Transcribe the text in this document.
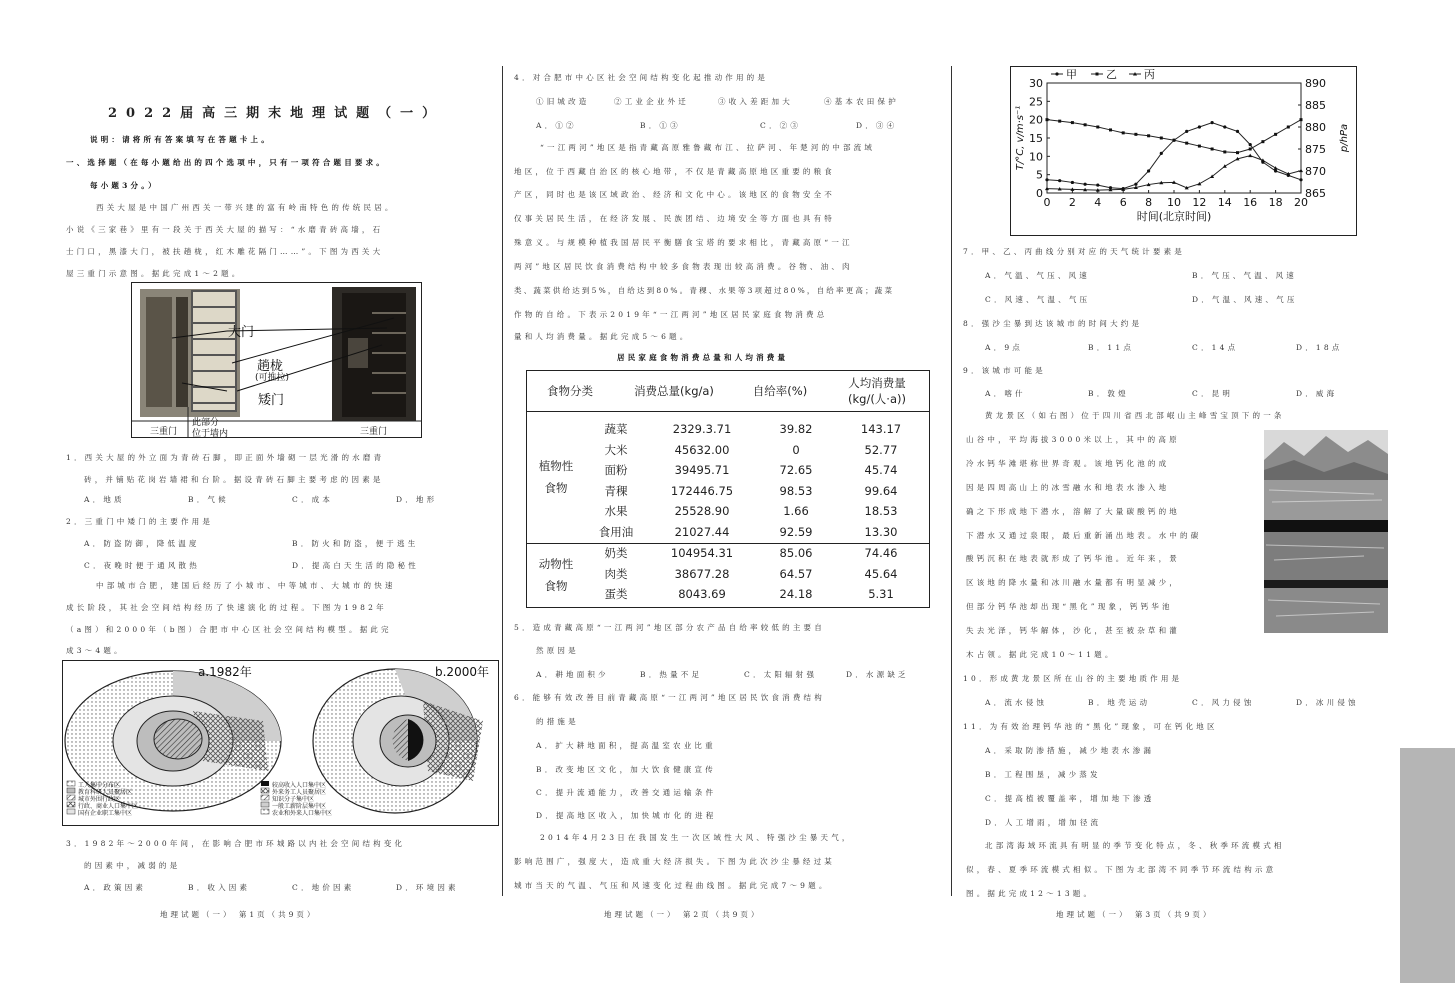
2022届高三期末地理试题（一）
说明：请将所有答案填写在答题卡上。
一、选择题（在每小题给出的四个选项中，只有一项符合题目要求。
每小题3分。）
西关大屋是中国广州西关一带兴建的富有岭南特色的传统民居。
小说《三家巷》里有一段关于西关大屋的描写：“水磨青砖高墙，石
士门口，黑漆大门，被扶趟栊，红木雕花隔门……”。下图为西关大
屋三重门示意图。据此完成1～2题。
大门
趟栊
(可推拉)
矮门
三重门
此部分
位于墙内	三重门
1．西关大屋的外立面为青砖石脚，即正面外墙砌一层光滑的水磨青
砖，并铺贴花岗岩墙裙和台阶。据设青砖石脚主要考虑的因素是
A．地质	B．气候	C．成本	D．地形
2．三重门中矮门的主要作用是
A．防盗防御，降低温度	B．防火和防盗，便于逃生
C．夜晚时便于通风散热	D．提高白天生活的隐秘性
中部城市合肥，建国后经历了小城市、中等城市、大城市的快速
成长阶段，其社会空间结构经历了快速演化的过程。下图为1982年
（a图）和2000年（b图）合肥市中心区社会空间结构模型。据此完
成3～4题。
a.1982年	b.2000年
工人集中分布区
教育科研人员聚居区
城市外围行政区
行政、商业人口集中区
国有企业职工集中区
较高收入人口集中区
外来务工人员聚居区
知识分子集中区
一般工薪阶层集中区
农业和外来人口集中区
3．1982年～2000年间，在影响合肥市环城路以内社会空间结构变化
的因素中，减弱的是
A．政策因素	B．收入因素	C．地价因素	D．环境因素
地理试题（一） 第1页（共9页）
4．对合肥市中心区社会空间结构变化起推动作用的是
①旧城改造	②工业企业外迁	③收入差距加大	④基本农田保护
A．①②	B．①③	C．②③	D．③④
“一江两河”地区是指青藏高原雅鲁藏布江、拉萨河、年楚河的中部流域
地区，位于西藏自治区的核心地带，不仅是青藏高原地区重要的粮食
产区，同时也是该区域政治、经济和文化中心。该地区的食物安全不
仅事关居民生活，在经济发展、民族团结、边境安全等方面也具有特
殊意义。与规模种植我国居民平衡膳食宝塔的要求相比，青藏高原“一江
两河”地区居民饮食消费结构中较多食物表现出较高消费。谷物、油、肉
类、蔬菜供给达到5%，自给达到80%。青稞、水果等3项超过80%，自给率更高；蔬菜
作物的自给。下表示2019年“一江两河”地区居民家庭食物消费总
量和人均消费量。据此完成5～6题。
居民家庭食物消费总量和人均消费量
食物分类	消费总量(kg/a)	自给率(%)	人均消费量
(kg/(人·a))
植物性
食物
蔬菜	2329.3.71	39.82	143.17
大米	45632.00	0	52.77
面粉	39495.71	72.65	45.74
青稞	172446.75	98.53	99.64
水果	25528.90	1.66	18.53
食用油	21027.44	92.59	13.30
动物性
食物
奶类	104954.31	85.06	74.46
肉类	38677.28	64.57	45.64
蛋类	8043.69	24.18	5.31
5．造成青藏高原“一江两河”地区部分农产品自给率较低的主要自
然原因是
A．耕地面积少	B．热量不足	C．太阳辐射强	D．水源缺乏
6．能够有效改善目前青藏高原“一江两河”地区居民饮食消费结构
的措施是
A．扩大耕地面积，提高温室农业比重
B．改变地区文化，加大饮食健康宣传
C．提升流通能力，改善交通运输条件
D．提高地区收入，加快城市化的进程
2014年4月23日在我国发生一次区域性大风、特强沙尘暴天气，
影响范围广，强度大，造成重大经济损失。下图为此次沙尘暴经过某
城市当天的气温、气压和风速变化过程曲线图。据此完成7～9题。
地理试题（一） 第2页（共9页）
0 2 4 6 8 10 12 14 16 18 20
0
5
10
15
20
25
30
865
870
875
880
885
890
时间(北京时间)
T/°C, v/m·s⁻¹	p/hPa
甲	乙 丙
7．甲、乙、丙曲线分别对应的天气统计要素是
A．气温、气压、风速	B．气压、气温、风速
C．风速、气温、气压	D．气温、风速、气压
8．强沙尘暴到达该城市的时间大约是
A．9点	B．11点	C．14点	D．18点
9．该城市可能是
A．喀什	B．敦煌	C．昆明	D．威海
黄龙景区（如右图）位于四川省西北部岷山主峰雪宝顶下的一条
山谷中，平均海拔3000米以上，其中的高原
冷水钙华滩堪称世界奇观。该地钙化池的成
因是四周高山上的冰雪融水和地表水渗入地
确之下形成地下潜水，溶解了大量碳酸钙的地
下潜水又通过泉眼，最后重新涌出地表。水中的碳
酸钙沉积在地表就形成了钙华池。近年来，景
区该地的降水量和冰川融水量都有明显减少，
但部分钙华池却出现“黑化”现象，钙钙华池
失去光泽，钙华解体，沙化，甚至被杂草和灌
木占领。据此完成10～11题。
10．形成黄龙景区所在山谷的主要地质作用是
A．流水侵蚀	B．地壳运动	C．风力侵蚀	D．冰川侵蚀
11．为有效治理钙华池的“黑化”现象，可在钙化地区
A．采取防渗措施，减少地表水渗漏
B．工程围垦，减少蒸发
C．提高植被覆盖率，增加地下渗透
D．人工增雨，增加径流
北部湾海域环流具有明显的季节变化特点，冬、秋季环流模式相
似，春、夏季环流模式相似。下图为北部湾不同季节环流结构示意
图。据此完成12～13题。
地理试题（一） 第3页（共9页）
